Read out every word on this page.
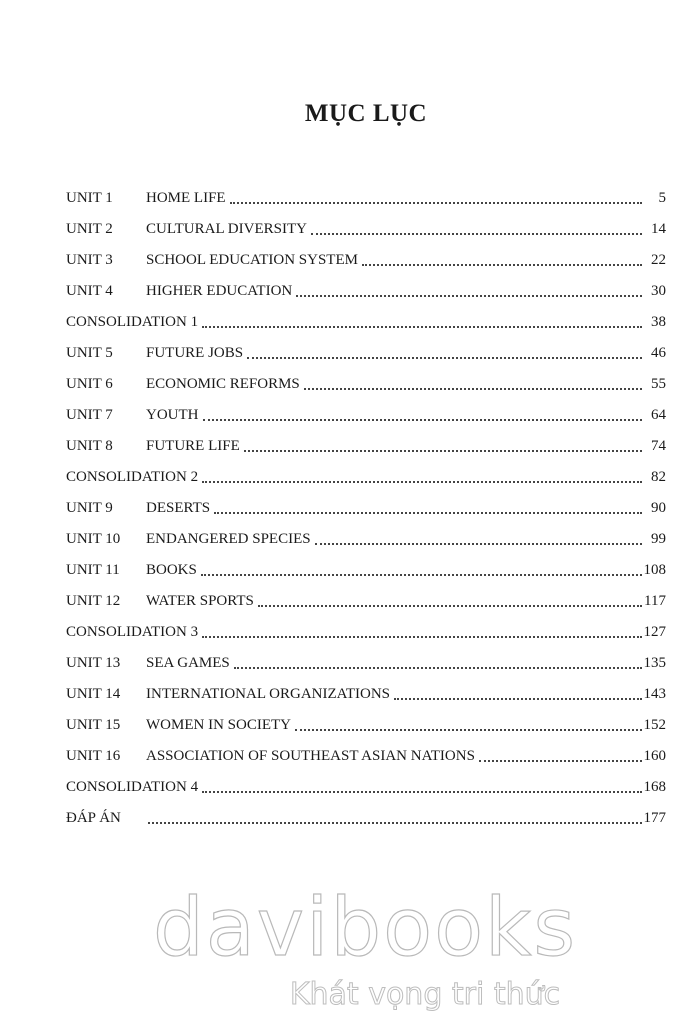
MỤC LỤC
UNIT 1	HOME LIFE	5
UNIT 2	CULTURAL DIVERSITY	14
UNIT 3	SCHOOL EDUCATION SYSTEM	22
UNIT 4	HIGHER EDUCATION	30
CONSOLIDATION 1	38
UNIT 5	FUTURE JOBS	46
UNIT 6	ECONOMIC REFORMS	55
UNIT 7	YOUTH	64
UNIT 8	FUTURE LIFE	74
CONSOLIDATION 2	82
UNIT 9	DESERTS	90
UNIT 10	ENDANGERED SPECIES	99
UNIT 11	BOOKS	108
UNIT 12	WATER SPORTS	117
CONSOLIDATION 3	127
UNIT 13	SEA GAMES	135
UNIT 14	INTERNATIONAL ORGANIZATIONS	143
UNIT 15	WOMEN IN SOCIETY	152
UNIT 16	ASSOCIATION OF SOUTHEAST ASIAN NATIONS	160
CONSOLIDATION 4	168
ĐÁP ÁN	177
davibooks
Khát vọng tri thức
